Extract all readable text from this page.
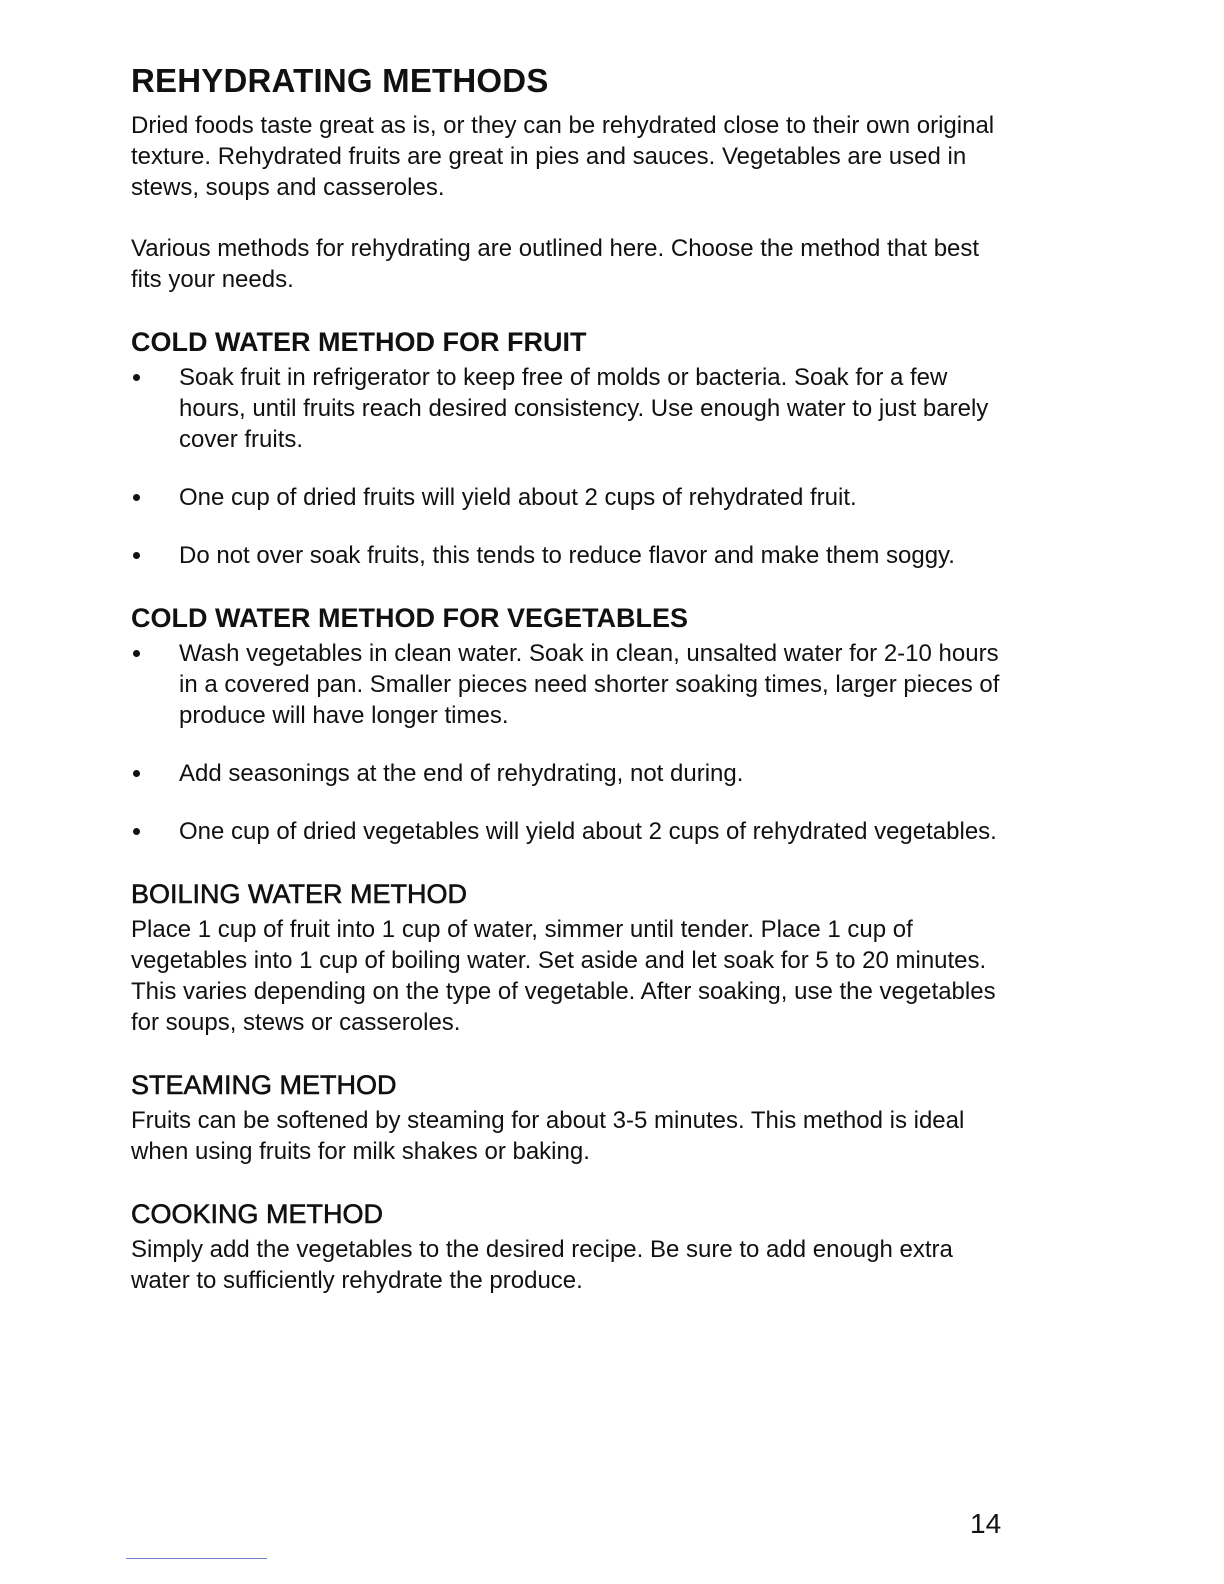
REHYDRATING METHODS

Dried foods taste great as is, or they can be rehydrated close to their own original texture. Rehydrated fruits are great in pies and sauces. Vegetables are used in stews, soups and casseroles.

Various methods for rehydrating are outlined here. Choose the method that best fits your needs.

COLD WATER METHOD FOR FRUIT
Soak fruit in refrigerator to keep free of molds or bacteria. Soak for a few hours, until fruits reach desired consistency. Use enough water to just barely cover fruits.
One cup of dried fruits will yield about 2 cups of rehydrated fruit.
Do not over soak fruits, this tends to reduce flavor and make them soggy.
COLD WATER METHOD FOR VEGETABLES
Wash vegetables in clean water. Soak in clean, unsalted water for 2-10 hours in a covered pan. Smaller pieces need shorter soaking times, larger pieces of produce will have longer times.
Add seasonings at the end of rehydrating, not during.
One cup of dried vegetables will yield about 2 cups of rehydrated vegetables.
BOILING WATER METHOD

Place 1 cup of fruit into 1 cup of water, simmer until tender. Place 1 cup of vegetables into 1 cup of boiling water. Set aside and let soak for 5 to 20 minutes. This varies depending on the type of vegetable. After soaking, use the vegetables for soups, stews or casseroles.

STEAMING METHOD

Fruits can be softened by steaming for about 3-5 minutes. This method is ideal when using fruits for milk shakes or baking.

COOKING METHOD

Simply add the vegetables to the desired recipe. Be sure to add enough extra water to sufficiently rehydrate the produce.

14
